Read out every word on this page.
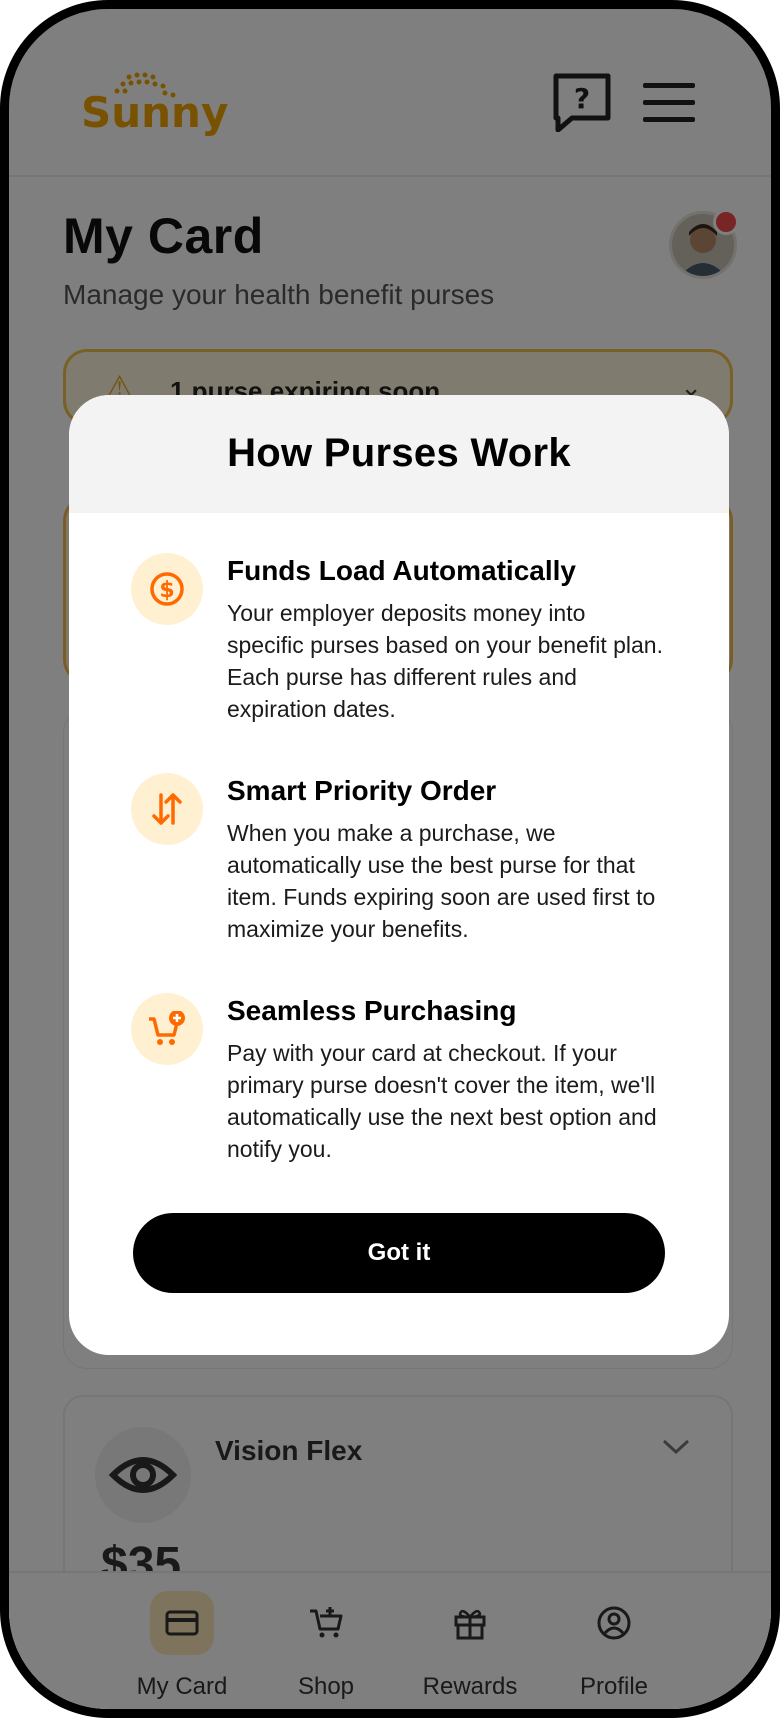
How Purses Work
$
Funds Load Automatically
Your employer deposits money into specific purses based on your benefit plan. Each purse has different rules and expiration dates.
Smart Priority Order
When you make a purchase, we automatically use the best purse for that item. Funds expiring soon are used first to maximize your benefits.
Seamless Purchasing
Pay with your card at checkout. If your primary purse doesn't cover the item, we'll automatically use the next best option and notify you.
Got it
